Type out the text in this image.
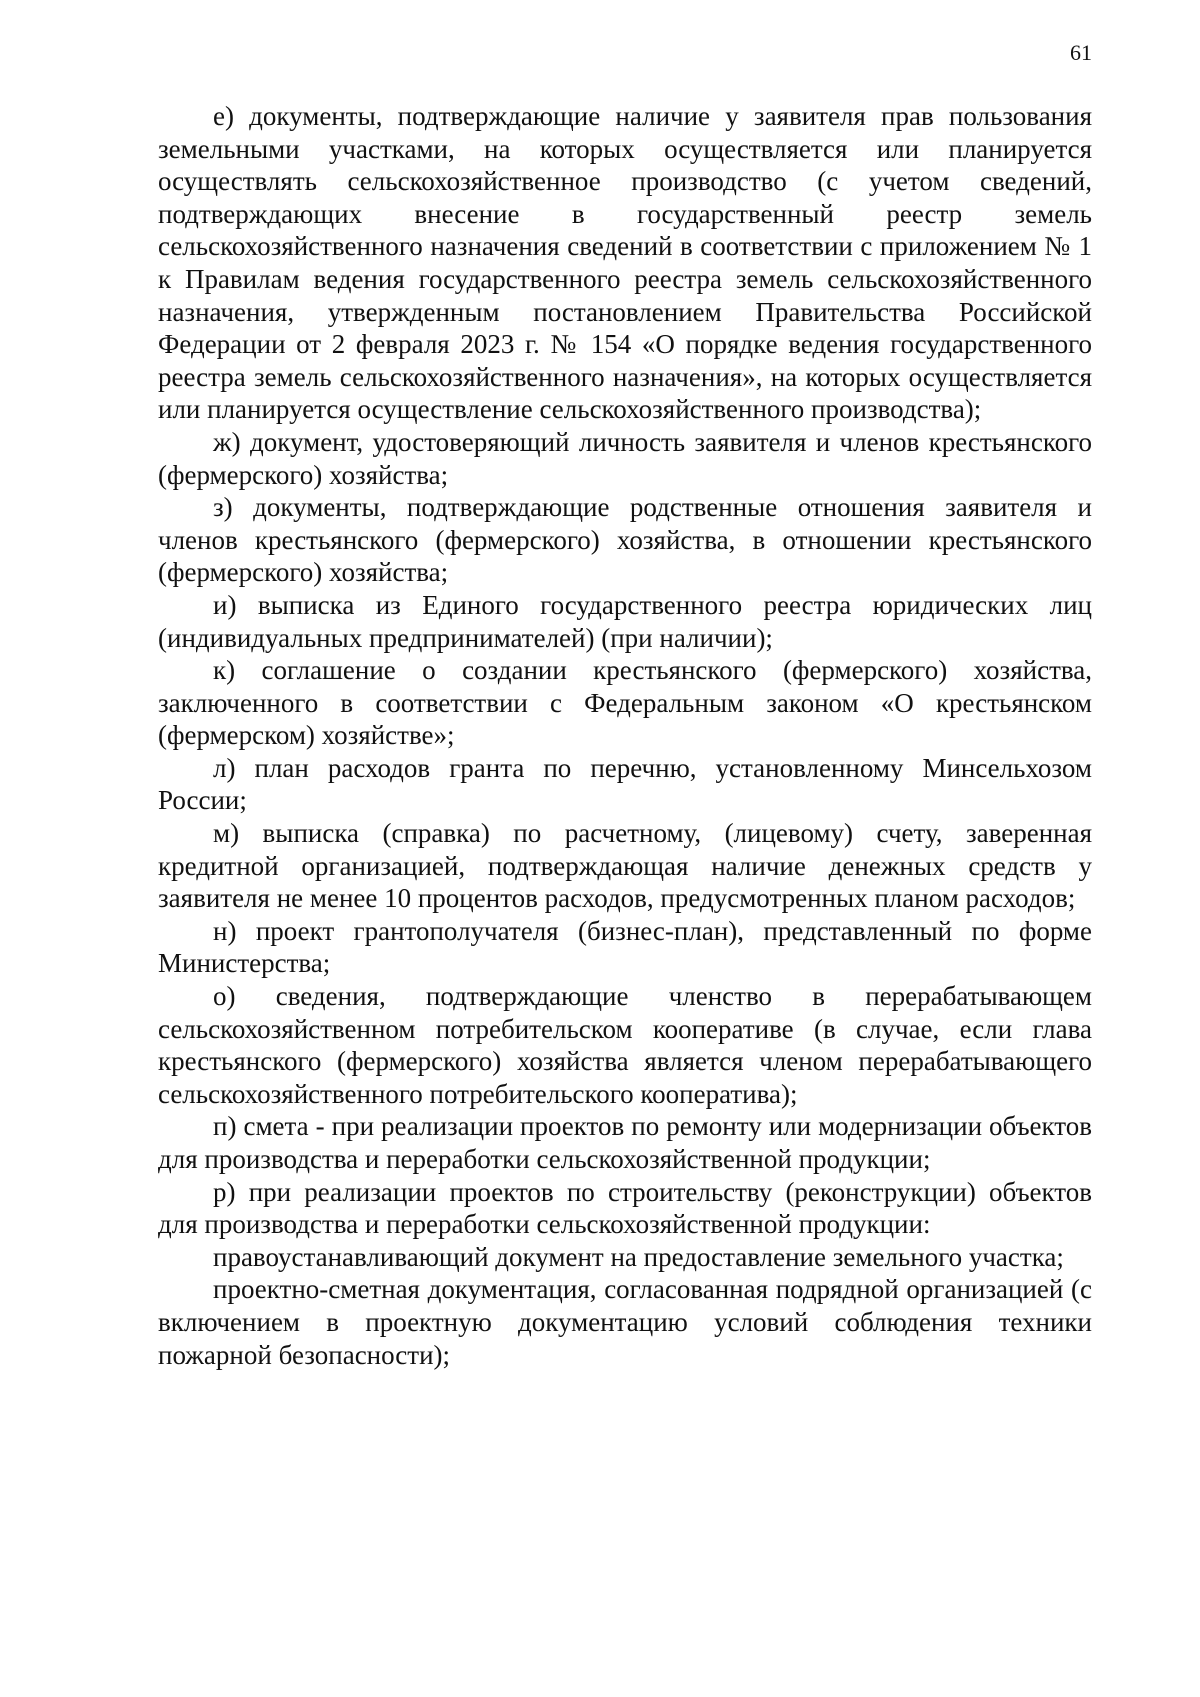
61

е) документы, подтверждающие наличие у заявителя прав пользования земельными участками, на которых осуществляется или планируется осуществлять сельскохозяйственное производство (с учетом сведений, подтверждающих внесение в государственный реестр земель сельскохозяйственного назначения сведений в соответствии с приложением № 1 к Правилам ведения государственного реестра земель сельскохозяйственного назначения, утвержденным постановлением Правительства Российской Федерации от 2 февраля 2023 г. № 154 «О порядке ведения государственного реестра земель сельскохозяйственного назначения», на которых осуществляется или планируется осуществление сельскохозяйственного производства);

ж) документ, удостоверяющий личность заявителя и членов крестьянского (фермерского) хозяйства;

з) документы, подтверждающие родственные отношения заявителя и членов крестьянского (фермерского) хозяйства, в отношении крестьянского (фермерского) хозяйства;

и) выписка из Единого государственного реестра юридических лиц (индивидуальных предпринимателей) (при наличии);

к) соглашение о создании крестьянского (фермерского) хозяйства, заключенного в соответствии с Федеральным законом «О крестьянском (фермерском) хозяйстве»;

л) план расходов гранта по перечню, установленному Минсельхозом России;

м) выписка (справка) по расчетному, (лицевому) счету, заверенная кредитной организацией, подтверждающая наличие денежных средств у заявителя не менее 10 процентов расходов, предусмотренных планом расходов;

н) проект грантополучателя (бизнес-план), представленный по форме Министерства;

о) сведения, подтверждающие членство в перерабатывающем сельскохозяйственном потребительском кооперативе (в случае, если глава крестьянского (фермерского) хозяйства является членом перерабатывающего сельскохозяйственного потребительского кооператива);

п) смета - при реализации проектов по ремонту или модернизации объектов для производства и переработки сельскохозяйственной продукции;

р) при реализации проектов по строительству (реконструкции) объектов для производства и переработки сельскохозяйственной продукции:

правоустанавливающий документ на предоставление земельного участка;

проектно-сметная документация, согласованная подрядной организацией (с включением в проектную документацию условий соблюдения техники пожарной безопасности);
